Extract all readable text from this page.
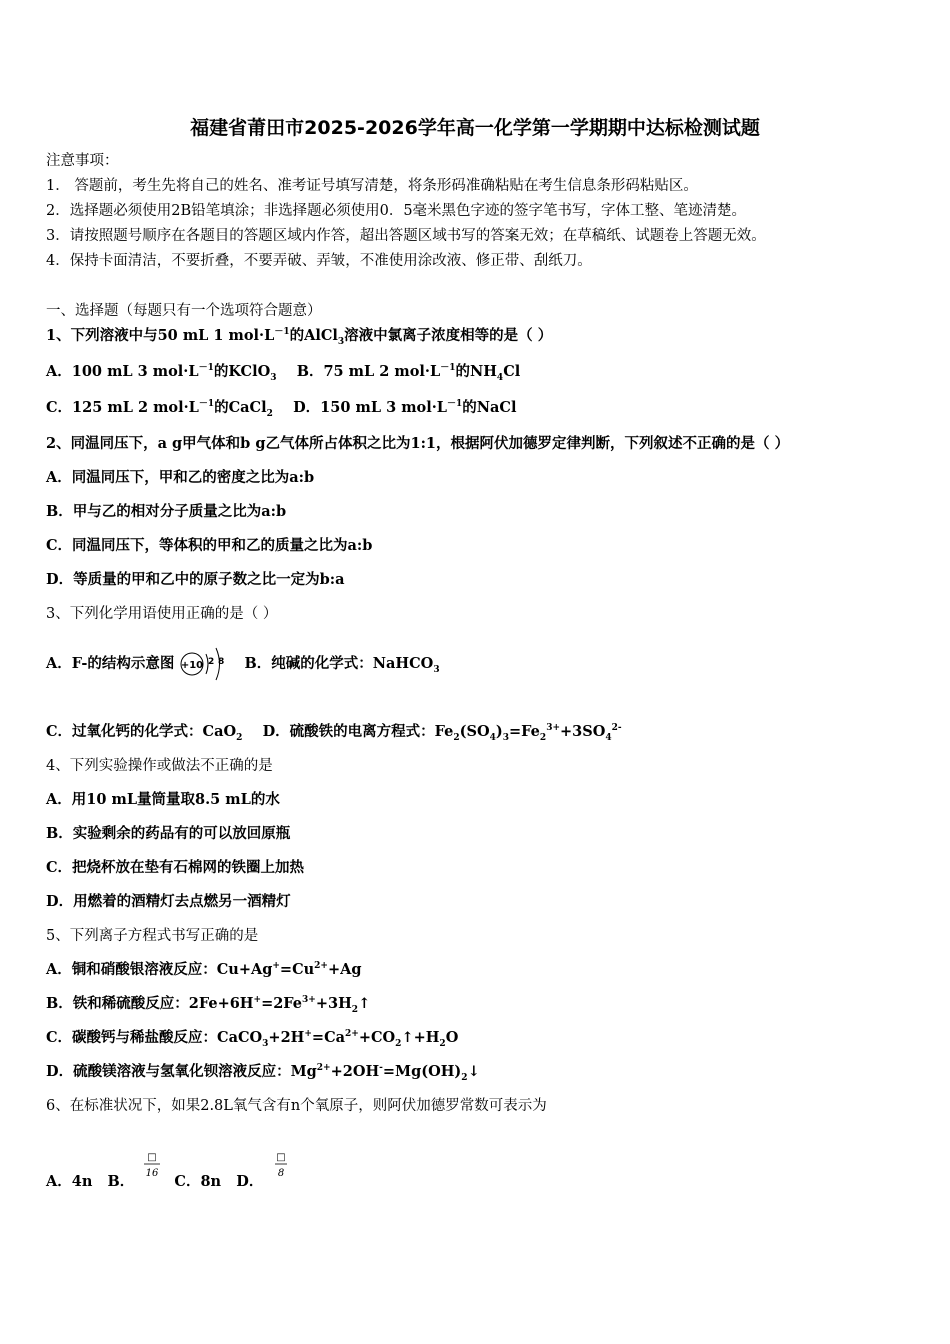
福建省莆田市2025-2026学年高一化学第一学期期中达标检测试题
注意事项：
1． 答题前，考生先将自己的姓名、准考证号填写清楚，将条形码准确粘贴在考生信息条形码粘贴区。
2．选择题必须使用2B铅笔填涂；非选择题必须使用0．5毫米黑色字迹的签字笔书写，字体工整、笔迹清楚。
3．请按照题号顺序在各题目的答题区域内作答，超出答题区域书写的答案无效；在草稿纸、试题卷上答题无效。
4．保持卡面清洁，不要折叠，不要弄破、弄皱，不准使用涂改液、修正带、刮纸刀。
一、选择题（每题只有一个选项符合题意）
1、下列溶液中与50 mL 1 $mol\cdot L^{-1}$的AlCl$_3$溶液中氯离子浓度相等的是（ ）
A．100 mL 3 $mol\cdot L^{-1}$的KClO$_3$ B．75 mL 2 $mol\cdot L^{-1}$的$NH_4Cl$
C．125 mL 2 $mol\cdot L^{-1}$的CaCl$_2$ D．150 mL 3 $mol\cdot L^{-1}$的NaCl
2、同温同压下，a g甲气体和b g乙气体所占体积之比为1:1，根据阿伏加德罗定律判断，下列叙述不正确的是（ ）
A．同温同压下，甲和乙的密度之比为a:b
B．甲与乙的相对分子质量之比为a:b
C．同温同压下，等体积的甲和乙的质量之比为a:b
D．等质量的甲和乙中的原子数之比一定为b:a
3、下列化学用语使用正确的是（ ）
A．F-的结构示意图 +10 2 8 B．纯碱的化学式：NaHCO$_3$
C．过氧化钙的化学式：CaO$_2$ D．硫酸铁的电离方程式：$Fe_2(SO_4)_3=Fe_2^{3+}+3SO_4^{2-}$
4、下列实验操作或做法不正确的是
A．用10 mL量筒量取8.5 mL的水
B．实验剩余的药品有的可以放回原瓶
C．把烧杯放在垫有石棉网的铁圈上加热
D．用燃着的酒精灯去点燃另一酒精灯
5、下列离子方程式书写正确的是
A．铜和硝酸银溶液反应：$Cu+Ag^+=Cu^{2+}+Ag$
B．铁和稀硫酸反应：$2Fe+6H^+=2Fe^{3+}+3H_2↑$
C．碳酸钙与稀盐酸反应：$CaCO_3+2H^+=Ca^{2+}+CO_2↑+H_2O$
D．硫酸镁溶液与氢氧化钡溶液反应：$Mg^{2+}+2OH^-=Mg(OH)_2↓$
6、在标准状况下，如果2.8L氧气含有n个氧原子，则阿伏加德罗常数可表示为
A．4n B．
□
16 C．8n D．
□
8
